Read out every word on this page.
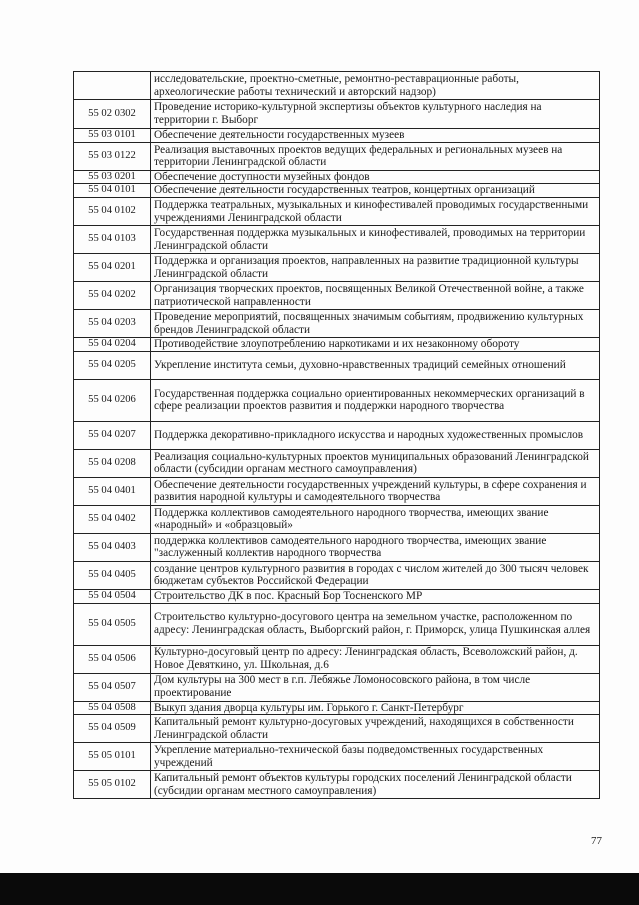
	исследовательские, проектно-сметные, ремонтно-реставрационные работы, археологические работы технический и авторский надзор)
55 02 0302	Проведение историко-культурной экспертизы объектов культурного наследия на территории г. Выборг
55 03 0101	Обеспечение деятельности государственных музеев
55 03 0122	Реализация выставочных проектов ведущих федеральных и региональных музеев на территории Ленинградской области
55 03 0201	Обеспечение доступности музейных фондов
55 04 0101	Обеспечение деятельности государственных театров, концертных организаций
55 04 0102	Поддержка театральных, музыкальных и кинофестивалей проводимых государственными учреждениями Ленинградской области
55 04 0103	Государственная поддержка музыкальных и кинофестивалей, проводимых на территории Ленинградской области
55 04 0201	Поддержка и организация проектов, направленных на развитие традиционной культуры Ленинградской области
55 04 0202	Организация творческих проектов, посвященных Великой Отечественной войне, а также патриотической направленности
55 04 0203	Проведение мероприятий, посвященных значимым событиям, продвижению культурных брендов Ленинградской области
55 04 0204	Противодействие злоупотреблению наркотиками и их незаконному обороту
55 04 0205	Укрепление института семьи, духовно-нравственных традиций семейных отношений
55 04 0206	Государственная поддержка социально ориентированных некоммерческих организаций в сфере реализации проектов развития и поддержки народного творчества
55 04 0207	Поддержка декоративно-прикладного искусства и народных художественных промыслов
55 04 0208	Реализация социально-культурных проектов муниципальных образований Ленинградской области (субсидии органам местного самоуправления)
55 04 0401	Обеспечение деятельности государственных учреждений культуры, в сфере сохранения и развития народной культуры и самодеятельного творчества
55 04 0402	Поддержка коллективов самодеятельного народного творчества, имеющих звание «народный» и «образцовый»
55 04 0403	поддержка коллективов самодеятельного народного творчества, имеющих звание "заслуженный коллектив народного творчества
55 04 0405	создание центров культурного развития в городах с числом жителей до 300 тысяч человек бюджетам субъектов Российской Федерации
55 04 0504	Строительство ДК в пос. Красный Бор Тосненского МР
55 04 0505	Строительство культурно-досугового центра на земельном участке, расположенном по адресу: Ленинградская область, Выборгский район, г. Приморск, улица Пушкинская аллея
55 04 0506	Культурно-досуговый центр по адресу: Ленинградская область, Всеволожский район, д. Новое Девяткино, ул. Школьная, д.6
55 04 0507	Дом культуры на 300 мест в г.п. Лебяжье Ломоносовского района, в том числе проектирование
55 04 0508	Выкуп здания дворца культуры им. Горького г. Санкт-Петербург
55 04 0509	Капитальный ремонт культурно-досуговых учреждений, находящихся в собственности Ленинградской области
55 05 0101	Укрепление материально-технической базы подведомственных государственных учреждений
55 05 0102	Капитальный ремонт объектов культуры городских поселений Ленинградской области (субсидии органам местного самоуправления)
77
